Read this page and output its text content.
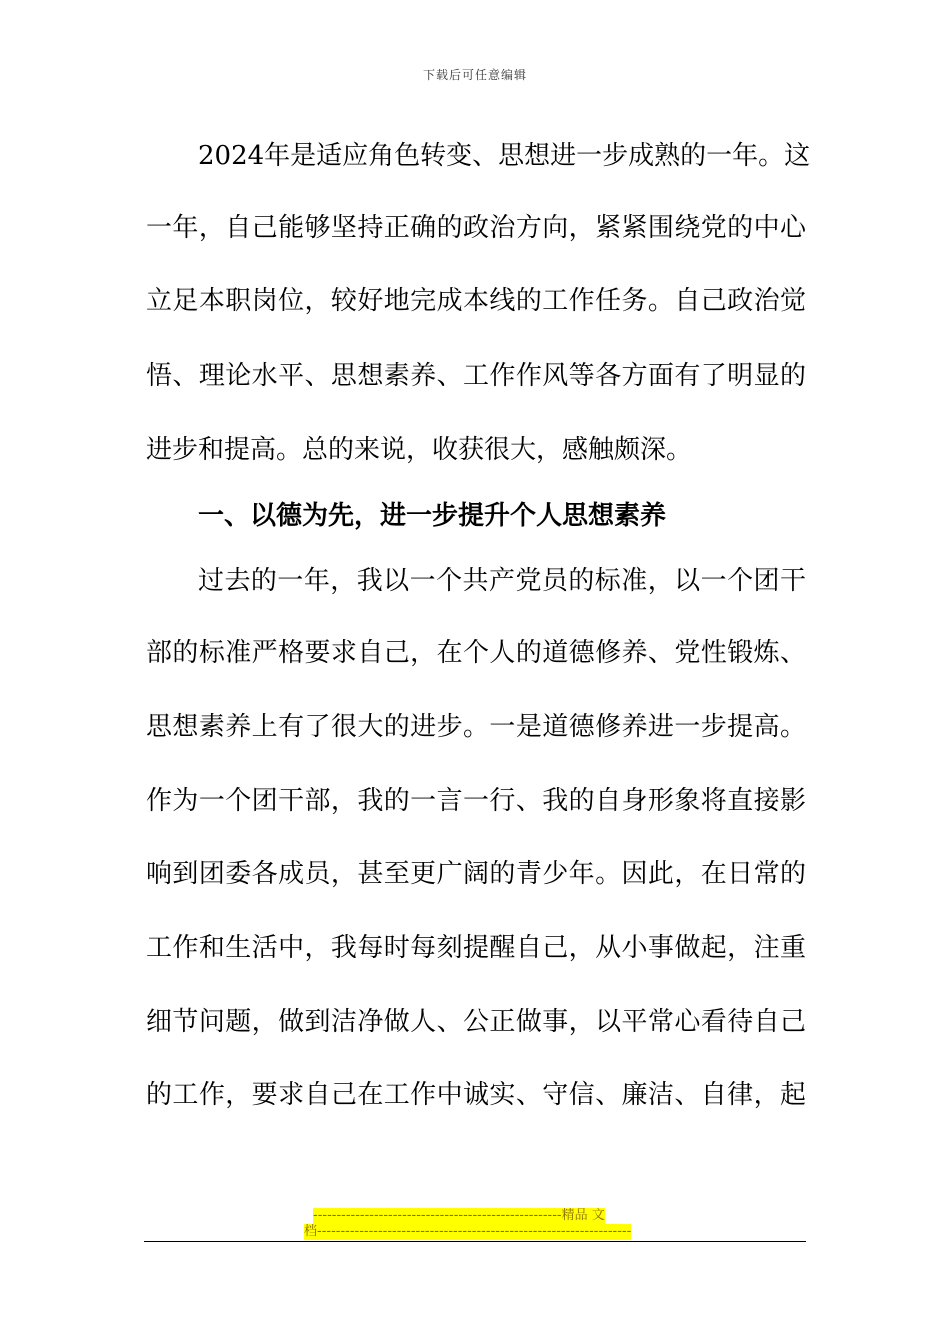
下载后可任意编辑
2024年是适应角色转变、思想进一步成熟的一年。这
一年，自己能够坚持正确的政治方向，紧紧围绕党的中心
立足本职岗位，较好地完成本线的工作任务。自己政治觉
悟、理论水平、思想素养、工作作风等各方面有了明显的
进步和提高。总的来说，收获很大，感触颇深。
一、以德为先，进一步提升个人思想素养
过去的一年，我以一个共产党员的标准，以一个团干
部的标准严格要求自己，在个人的道德修养、党性锻炼、
思想素养上有了很大的进步。一是道德修养进一步提高。
作为一个团干部，我的一言一行、我的自身形象将直接影
响到团委各成员，甚至更广阔的青少年。因此，在日常的
工作和生活中，我每时每刻提醒自己，从小事做起，注重
细节问题，做到洁净做人、公正做事，以平常心看待自己
的工作，要求自己在工作中诚实、守信、廉洁、自律，起
-----------------------------------------------------精品 文
档-------------------------------------------------------------------
